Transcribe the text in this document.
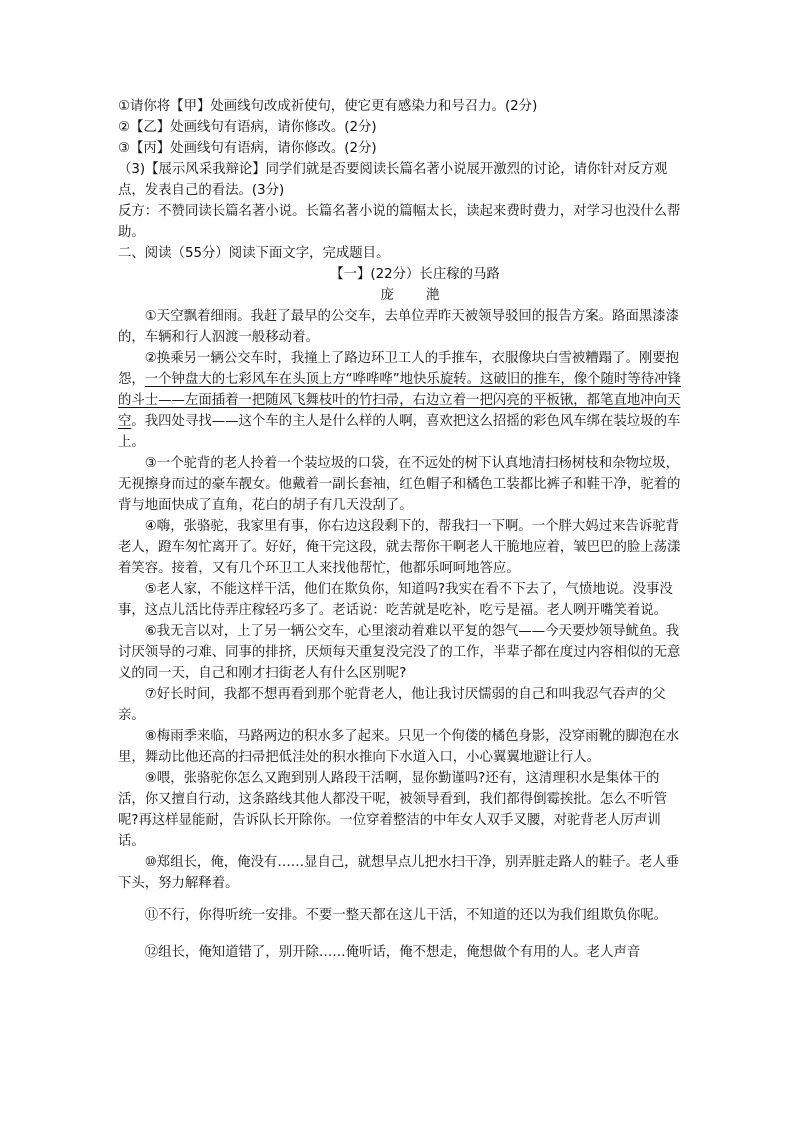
①请你将【甲】处画线句改成祈使句，使它更有感染力和号召力。(2分)

②【乙】处画线句有语病，请你修改。(2分)

③【丙】处画线句有语病，请你修改。(2分)

（3)【展示风采我辩论】同学们就是否要阅读长篇名著小说展开激烈的讨论，请你针对反方观点，发表自己的看法。(3分)

反方：不赞同读长篇名著小说。长篇名著小说的篇幅太长，读起来费时费力，对学习也没什么帮助。

二、阅读（55分）阅读下面文字，完成题目。

【一】(22分）长庄稼的马路

庞 滟

①天空飘着细雨。我赶了最早的公交车，去单位弄昨天被领导驳回的报告方案。路面黑漆漆的，车辆和行人泅渡一般移动着。

②换乘另一辆公交车时，我撞上了路边环卫工人的手推车，衣服像块白雪被糟蹋了。刚要抱怨，一个钟盘大的七彩风车在头顶上方“哗哗哗”地快乐旋转。这破旧的推车，像个随时等待冲锋的斗士——左面插着一把随风飞舞枝叶的竹扫帚，右边立着一把闪亮的平板锹，都笔直地冲向天空。我四处寻找——这个车的主人是什么样的人啊，喜欢把这么招摇的彩色风车绑在装垃圾的车上。

③一个驼背的老人拎着一个装垃圾的口袋，在不远处的树下认真地清扫杨树枝和杂物垃圾，无视擦身而过的豪车靓女。他戴着一副长套袖，红色帽子和橘色工装都比裤子和鞋干净，驼着的背与地面快成了直角，花白的胡子有几天没刮了。

④嗨，张骆驼，我家里有事，你右边这段剩下的，帮我扫一下啊。一个胖大妈过来告诉驼背老人，蹬车匆忙离开了。好好，俺干完这段，就去帮你干啊老人干脆地应着，皱巴巴的脸上荡漾着笑容。接着，又有几个环卫工人来找他帮忙，他都乐呵呵地答应。

⑤老人家，不能这样干活，他们在欺负你，知道吗?我实在看不下去了，气愤地说。没事没事，这点儿活比侍弄庄稼轻巧多了。老话说：吃苦就是吃补，吃亏是福。老人咧开嘴笑着说。

⑥我无言以对，上了另一辆公交车，心里滚动着难以平复的怨气——今天要炒领导鱿鱼。我讨厌领导的刁难、同事的排挤，厌烦每天重复没完没了的工作，半辈子都在度过内容相似的无意义的同一天，自己和刚才扫街老人有什么区别呢?

⑦好长时间，我都不想再看到那个驼背老人，他让我讨厌懦弱的自己和叫我忍气吞声的父亲。

⑧梅雨季来临，马路两边的积水多了起来。只见一个佝偻的橘色身影，没穿雨靴的脚泡在水里，舞动比他还高的扫帚把低洼处的积水推向下水道入口，小心翼翼地避让行人。

⑨喂，张骆驼你怎么又跑到别人路段干活啊，显你勤谨吗?还有，这清理积水是集体干的活，你又擅自行动，这条路线其他人都没干呢，被领导看到，我们都得倒霉挨批。怎么不听管呢?再这样显能耐，告诉队长开除你。一位穿着整洁的中年女人双手叉腰，对驼背老人厉声训话。

⑩郑组长，俺，俺没有……显自己，就想早点儿把水扫干净，别弄脏走路人的鞋子。老人垂下头，努力解释着。

⑪不行，你得听统一安排。不要一整天都在这儿干活，不知道的还以为我们组欺负你呢。

⑫组长，俺知道错了，别开除……俺听话，俺不想走，俺想做个有用的人。老人声音
